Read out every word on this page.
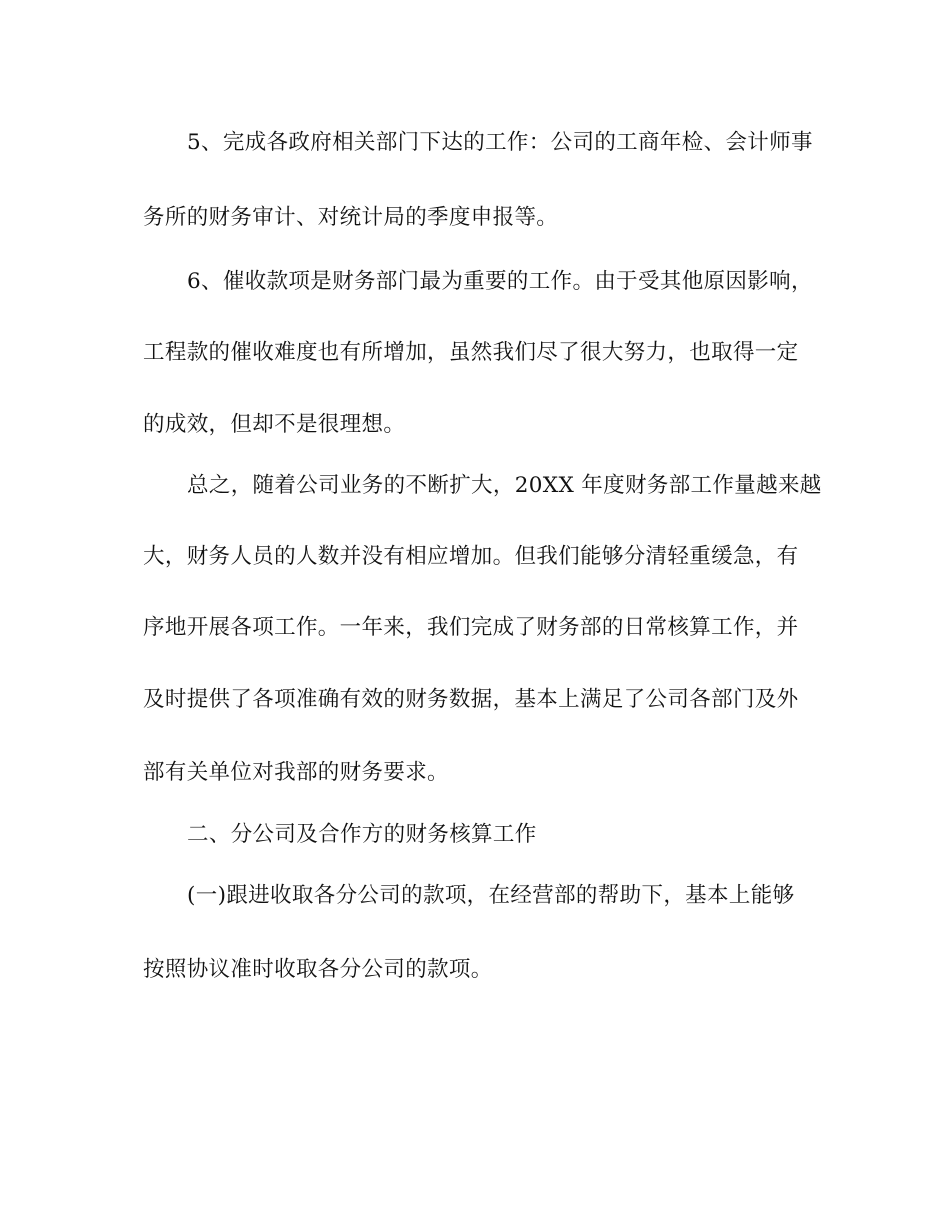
5、完成各政府相关部门下达的工作：公司的工商年检、会计师事
务所的财务审计、对统计局的季度申报等。
6、催收款项是财务部门最为重要的工作。由于受其他原因影响，
工程款的催收难度也有所增加，虽然我们尽了很大努力，也取得一定
的成效，但却不是很理想。
总之，随着公司业务的不断扩大，20XX 年度财务部工作量越来越
大，财务人员的人数并没有相应增加。但我们能够分清轻重缓急，有
序地开展各项工作。一年来，我们完成了财务部的日常核算工作，并
及时提供了各项准确有效的财务数据，基本上满足了公司各部门及外
部有关单位对我部的财务要求。
二、分公司及合作方的财务核算工作
(一)跟进收取各分公司的款项，在经营部的帮助下，基本上能够
按照协议准时收取各分公司的款项。
